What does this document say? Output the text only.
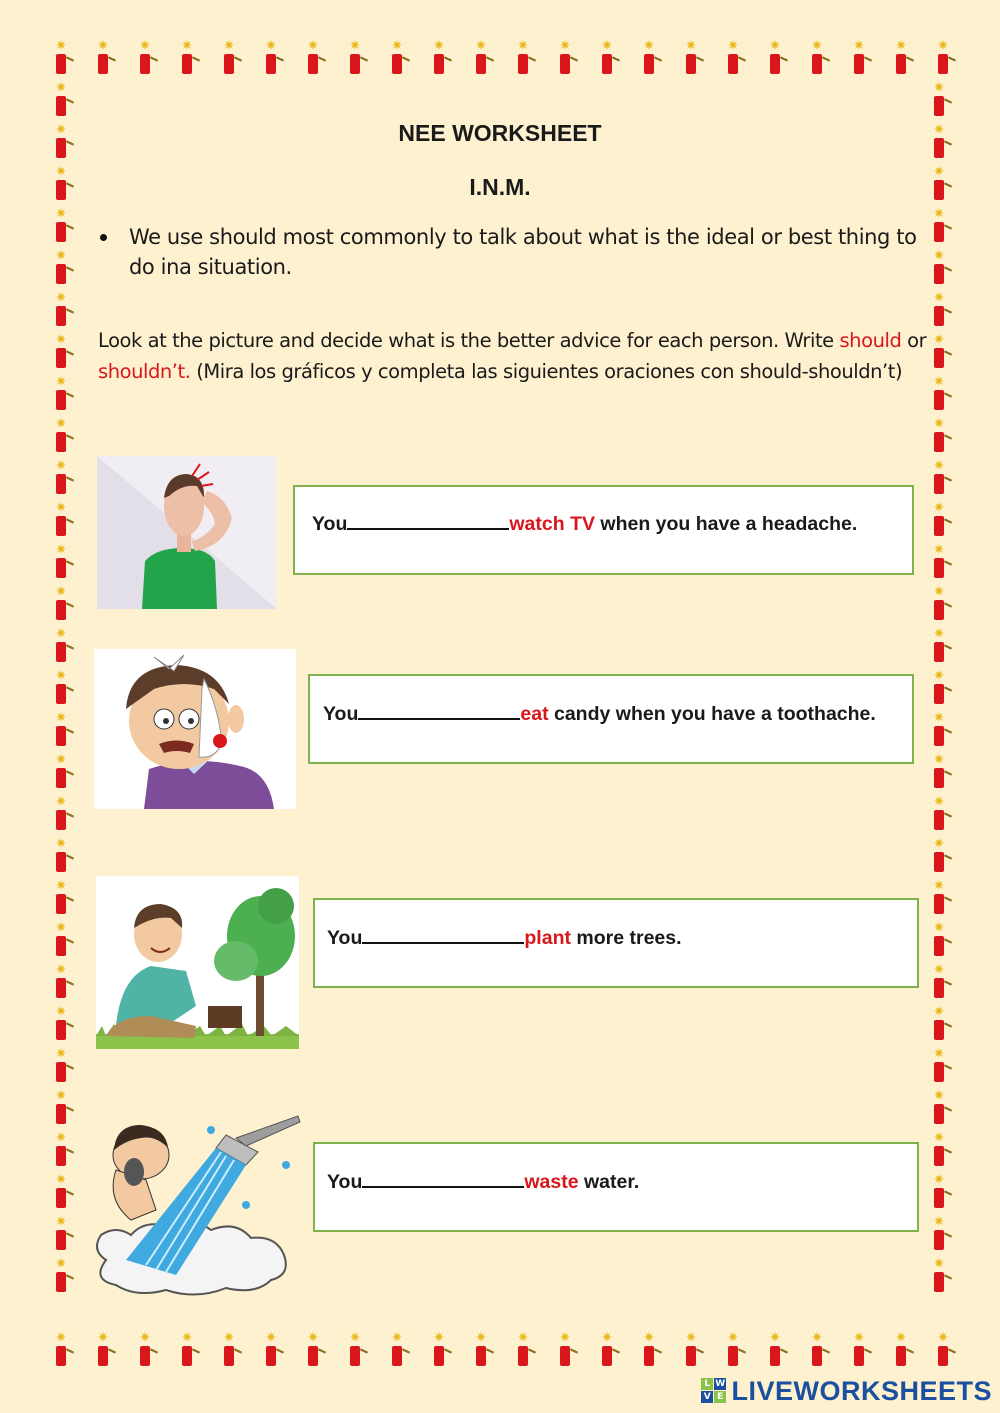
✷
✷
✷
✷
✷
✷
✷
✷
✷
✷
✷
✷
✷
✷
✷
✷
✷
✷
✷
✷
✷
✷
✷
✷
✷
✷
✷
✷
✷
✷
✷
✷
✷
✷
✷
✷
✷
✷
✷
✷
✷
✷
✷
✷
✷	✷
✷	✷
✷	✷
✷	✷
✷	✷
✷	✷
✷	✷
✷	✷
✷	✷
✷	✷
✷	✷
✷	✷
✷	✷
✷	✷
✷	✷
✷	✷
✷	✷
✷	✷
✷	✷
✷	✷
✷	✷
✷	✷
✷	✷
✷	✷
✷	✷
✷	✷
✷	✷
✷	✷
✷	✷
NEE WORKSHEET
I.N.M.
We use should most commonly to talk about what is the ideal or best thing to do ina situation.
Look at the picture and decide what is the better advice for each person. Write should or shouldn’t. (Mira los gráficos y completa las siguientes oraciones con should-shouldn’t)
You	watch TV when you have a headache.
You	eat candy when you have a toothache.
You	plant more trees.
You	waste water.
L W
V E LIVEWORKSHEETS
